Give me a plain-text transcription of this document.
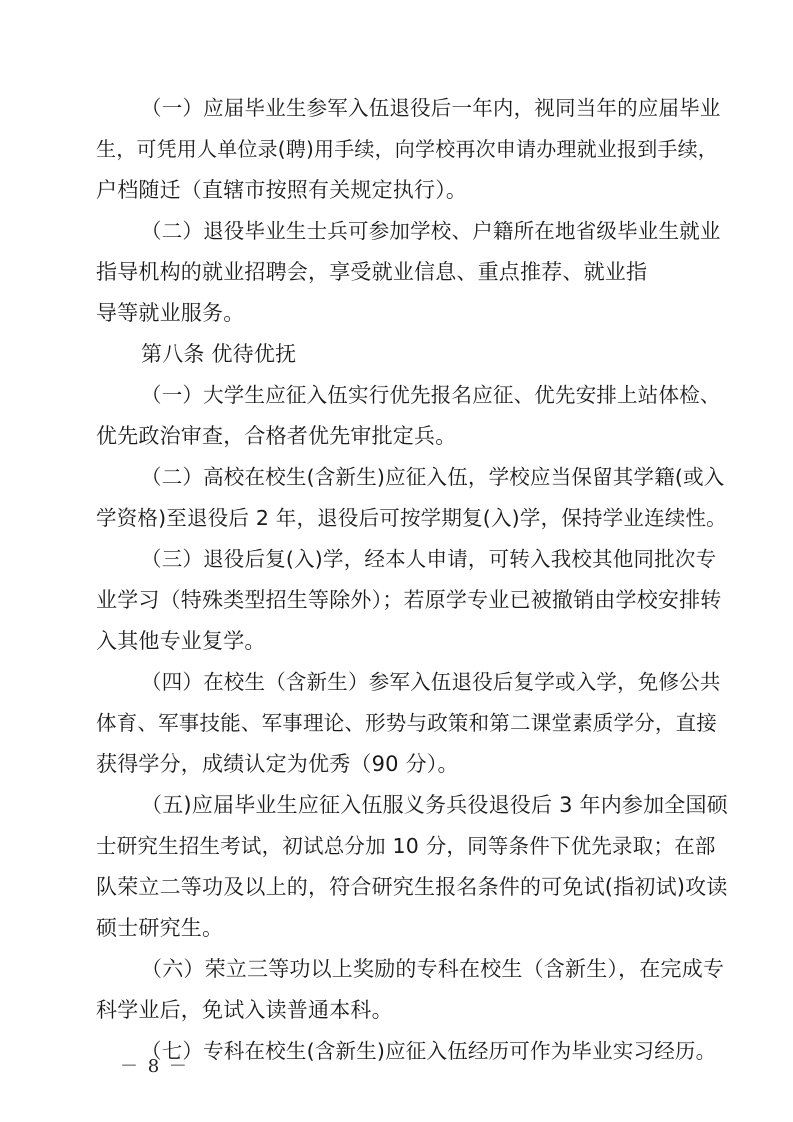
（一）应届毕业生参军入伍退役后一年内，视同当年的应届毕业
生，可凭用人单位录(聘)用手续，向学校再次申请办理就业报到手续，
户档随迁（直辖市按照有关规定执行）。
（二）退役毕业生士兵可参加学校、户籍所在地省级毕业生就业
指导机构的就业招聘会，享受就业信息、重点推荐、就业指
导等就业服务。
第八条 优待优抚
（一）大学生应征入伍实行优先报名应征、优先安排上站体检、
优先政治审查，合格者优先审批定兵。
（二）高校在校生(含新生)应征入伍，学校应当保留其学籍(或入
学资格)至退役后 2 年，退役后可按学期复(入)学，保持学业连续性。
（三）退役后复(入)学，经本人申请，可转入我校其他同批次专
业学习（特殊类型招生等除外）；若原学专业已被撤销由学校安排转
入其他专业复学。
（四）在校生（含新生）参军入伍退役后复学或入学，免修公共
体育、军事技能、军事理论、形势与政策和第二课堂素质学分，直接
获得学分，成绩认定为优秀（90 分）。
（五)应届毕业生应征入伍服义务兵役退役后 3 年内参加全国硕
士研究生招生考试，初试总分加 10 分，同等条件下优先录取；在部
队荣立二等功及以上的，符合研究生报名条件的可免试(指初试)攻读
硕士研究生。
（六）荣立三等功以上奖励的专科在校生（含新生），在完成专
科学业后，免试入读普通本科。
（七）专科在校生(含新生)应征入伍经历可作为毕业实习经历。
－ 8 －
